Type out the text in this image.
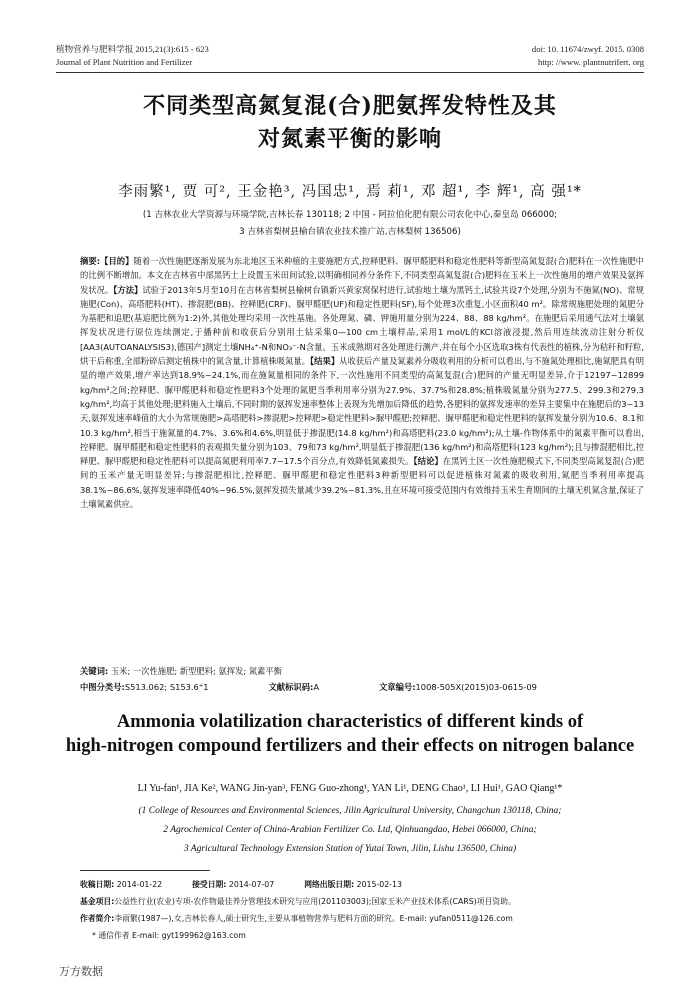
植物营养与肥料学报 2015,21(3):615 - 623	doi: 10. 11674/zwyf. 2015. 0308
Journal of Plant Nutrition and Fertilizer	http: //www. plantnutrifert. org
不同类型高氮复混(合)肥氨挥发特性及其
对氮素平衡的影响
李雨繁¹, 贾 可², 王金艳³, 冯国忠¹, 焉 莉¹, 邓 超¹, 李 辉¹, 高 强¹*
(1 吉林农业大学资源与环境学院,吉林长春 130118; 2 中国 - 阿拉伯化肥有限公司农化中心,秦皇岛 066000;
3 吉林省梨树县榆台镇农业技术推广站,吉林梨树 136506)
摘要:【目的】随着一次性施肥逐渐发展为东北地区玉米种植的主要施肥方式,控释肥料、脲甲醛肥料和稳定性肥料等新型高氮复混(合)肥料在一次性施肥中的比例不断增加。本文在吉林省中部黑钙土上设置玉米田间试验,以明确相同养分条件下,不同类型高氮复混(合)肥料在玉米上一次性施用的增产效果及氨挥发状况。【方法】试验于2013年5月至10月在吉林省梨树县榆树台镇新兴黄家窝保村进行,试验地土壤为黑钙土,试验共设7个处理,分别为不施氮(NO)、常规施肥(Con)、高塔肥料(HT)、掺混肥(BB)、控释肥(CRF)、脲甲醛肥(UF)和稳定性肥料(SF),每个处理3次重复,小区面积40 m²。除常规施肥处理的氮肥分为基肥和追肥(基追肥比例为1:2)外,其他处理均采用一次性基施。各处理氮、磷、钾施用量分别为224、88、88 kg/hm²。在施肥后采用通气法对土壤氨挥发状况进行原位连续测定,于播种前和收获后分别用土钻采集0—100 cm土壤样品,采用1 mol/L的KCl溶液浸提,然后用连续流动注射分析仪[AA3(AUTOANALYSIS3),德国产]测定土壤NH₄⁺-N和NO₃⁻-N含量。玉米成熟期对各处理进行测产,并在每个小区选取3株有代表性的植株,分为秸秆和籽粒,烘干后称重,全部粉碎后测定植株中的氮含量,计算植株吸氮量。【结果】从收获后产量及氮素养分吸收利用的分析可以看出,与不施氮处理相比,施氮肥具有明显的增产效果,增产率达到18.9%~24.1%,而在施氮量相同的条件下,一次性施用不同类型的高氮复混(合)肥间的产量无明显差异,介于12197~12899 kg/hm²之间;控释肥、脲甲醛肥料和稳定性肥料3个处理的氮肥当季利用率分别为27.9%、37.7%和28.8%;植株吸氮量分别为277.5、299.3和279.3 kg/hm²,均高于其他处理;肥料施入土壤后,不同时期的氨挥发速率整体上表现为先增加后降低的趋势,各肥料的氨挥发速率的差异主要集中在施肥后的3~13天,氨挥发速率峰值的大小为常规施肥>高塔肥料>掺混肥>控释肥>稳定性肥料>脲甲醛肥;控释肥、脲甲醛肥和稳定性肥料的氨挥发量分别为10.6、8.1和10.3 kg/hm²,相当于施氮量的4.7%、3.6%和4.6%,明显低于掺混肥(14.8 kg/hm²)和高塔肥料(23.0 kg/hm²);从土壤-作物体系中的氮素平衡可以看出,控释肥、脲甲醛肥和稳定性肥料的表观损失量分别为103、79和73 kg/hm²,明显低于掺混肥(136 kg/hm²)和高塔肥料(123 kg/hm²);且与掺混肥相比,控释肥、脲甲醛肥和稳定性肥料可以提高氮肥利用率7.7~17.5个百分点,有效降低氮素损失。【结论】在黑钙土区一次性施肥模式下,不同类型高氮复混(合)肥间的玉米产量无明显差异;与掺混肥相比,控释肥、脲甲醛肥和稳定性肥料3种新型肥料可以促进植株对氮素的吸收利用,氮肥当季利用率提高38.1%~86.6%,氨挥发速率降低40%~96.5%,氨挥发损失量减少39.2%~81.3%,且在环境可接受范围内有效维持玉米生育期间的土壤无机氮含量,保证了土壤氮素供应。
关键词: 玉米; 一次性施肥; 新型肥料; 氨挥发; 氮素平衡
中图分类号:S513.062; S153.6⁺1	文献标识码:A	文章编号:1008-505X(2015)03-0615-09
Ammonia volatilization characteristics of different kinds of
high-nitrogen compound fertilizers and their effects on nitrogen balance
LI Yu-fan¹, JIA Ke², WANG Jin-yan³, FENG Guo-zhong¹, YAN Li¹, DENG Chao¹, LI Hui¹, GAO Qiang¹*
(1 College of Resources and Environmental Sciences, Jilin Agricultural University, Changchun 130118, China;
2 Agrochemical Center of China-Arabian Fertilizer Co. Ltd, Qinhuangdao, Hebei 066000, China;
3 Agricultural Technology Extension Station of Yutai Town, Jilin, Lishu 136500, China)
收稿日期: 2014-01-22	接受日期: 2014-07-07	网络出版日期: 2015-02-13
基金项目:公益性行业(农业)专项-农作物最佳养分管理技术研究与应用(201103003);国家玉米产业技术体系(CARS)项目资助。
作者简介:李雨繁(1987—),女,吉林长春人,硕士研究生,主要从事植物营养与肥料方面的研究。E-mail: yufan0511@126.com
* 通信作者 E-mail: gyt199962@163.com
万方数据
